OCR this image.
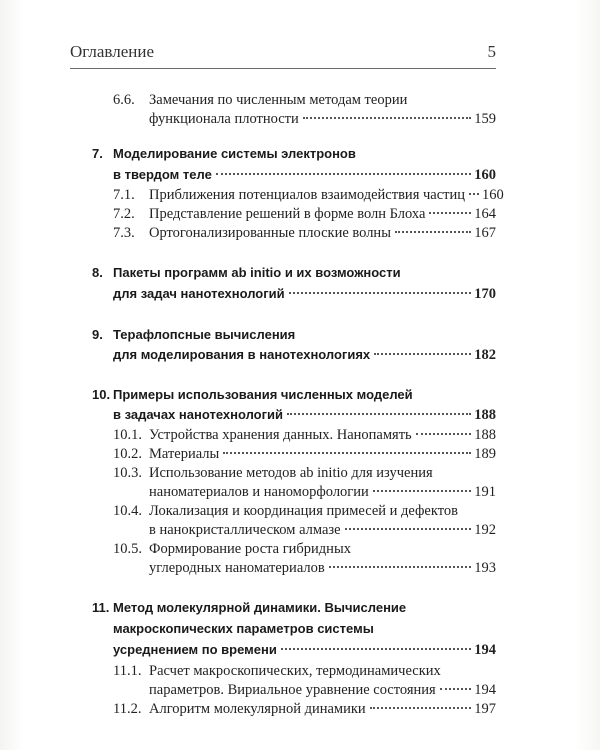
Оглавление	5
6.6. Замечания по численным методам теории
функционала плотности	159
7. Моделирование системы электронов
в твердом теле	160
7.1. Приближения потенциалов взаимодействия частиц 160
7.2. Представление решений в форме волн Блоха	164
7.3. Ортогонализированные плоские волны	167
8. Пакеты программ ab initio и их возможности
для задач нанотехнологий	170
9. Терафлопсные вычисления
для моделирования в нанотехнологиях	182
10. Примеры использования численных моделей
в задачах нанотехнологий	188
10.1. Устройства хранения данных. Нанопамять	188
10.2. Материалы	189
10.3. Использование методов ab initio для изучения
наноматериалов и наноморфологии	191
10.4. Локализация и координация примесей и дефектов
в нанокристаллическом алмазе	192
10.5. Формирование роста гибридных
углеродных наноматериалов	193
11. Метод молекулярной динамики. Вычисление
макроскопических параметров системы
усреднением по времени	194
11.1. Расчет макроскопических, термодинамических
параметров. Вириальное уравнение состояния	194
11.2. Алгоритм молекулярной динамики	197
